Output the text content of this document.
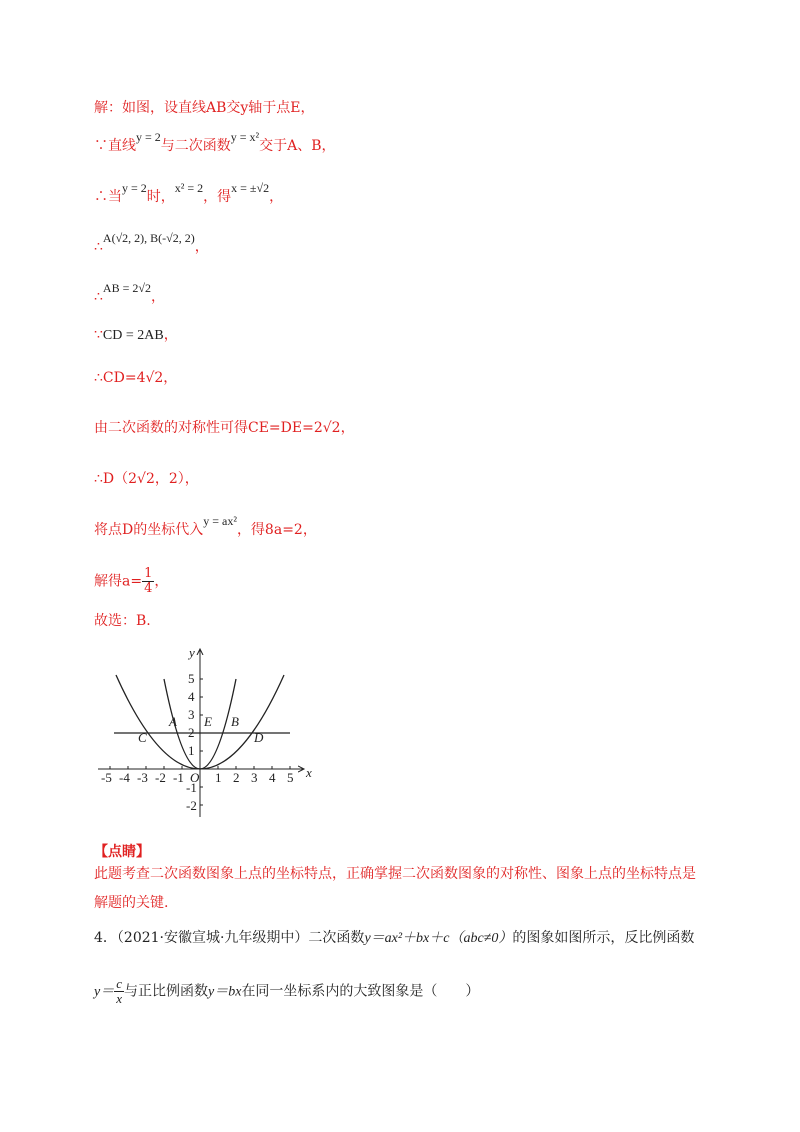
解：如图，设直线AB交y轴于点E，
∵直线y = 2与二次函数y = x²交于A、B，
∴当y = 2时，x² = 2，得x = ±√2，
∴A(√2, 2), B(-√2, 2)，
∴AB = 2√2，
∵CD = 2AB，
∴CD=4√2，
由二次函数的对称性可得CE=DE=2√2，
∴D（2√2，2），
将点D的坐标代入y = ax²，得8a=2，
解得$a= \frac{1}{4}$ ，
故选：B.
-5 -4 -3 -2 -1 O 1 2 3 4 5 x
5
4
3
2
1
-1
-2
y
C
A E B
D
【点睛】
此题考查二次函数图象上点的坐标特点，正确掌握二次函数图象的对称性、图象上点的坐标特点是
解题的关键.
4．（2021·安徽宣城·九年级期中）二次函数y＝ax²＋bx＋c（abc≠0）的图象如图所示，反比例函数
$y= \frac{c}{x}$ 与正比例函数y＝bx在同一坐标系内的大致图象是（　　）
